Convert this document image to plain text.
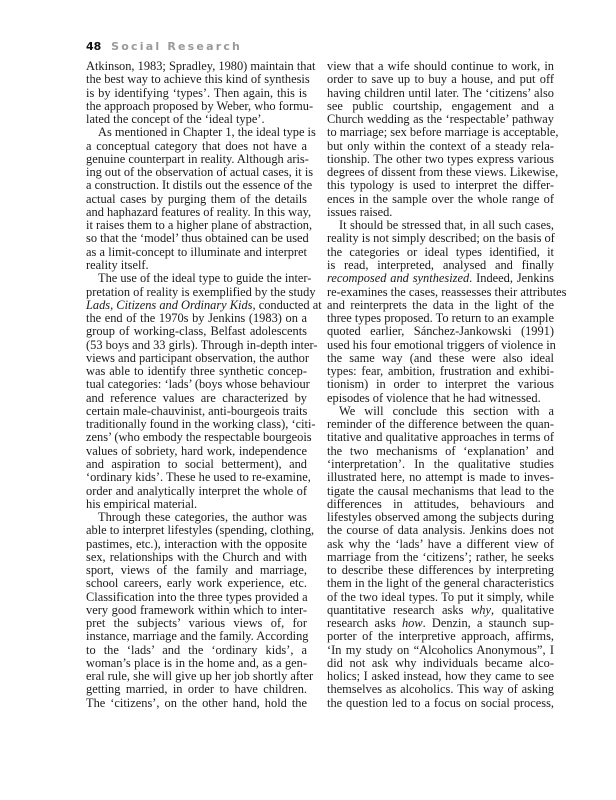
48 Social Research
Atkinson, 1983; Spradley, 1980) maintain that
the best way to achieve this kind of synthesis
is by identifying ‘types’. Then again, this is
the approach proposed by Weber, who formu-
lated the concept of the ‘ideal type’.
As mentioned in Chapter 1, the ideal type is
a conceptual category that does not have a
genuine counterpart in reality. Although aris-
ing out of the observation of actual cases, it is
a construction. It distils out the essence of the
actual cases by purging them of the details
and haphazard features of reality. In this way,
it raises them to a higher plane of abstraction,
so that the ‘model’ thus obtained can be used
as a limit-concept to illuminate and interpret
reality itself.
The use of the ideal type to guide the inter-
pretation of reality is exemplified by the study
Lads, Citizens and Ordinary Kids, conducted at
the end of the 1970s by Jenkins (1983) on a
group of working-class, Belfast adolescents
(53 boys and 33 girls). Through in-depth inter-
views and participant observation, the author
was able to identify three synthetic concep-
tual categories: ‘lads’ (boys whose behaviour
and reference values are characterized by
certain male-chauvinist, anti-bourgeois traits
traditionally found in the working class), ‘citi-
zens’ (who embody the respectable bourgeois
values of sobriety, hard work, independence
and aspiration to social betterment), and
‘ordinary kids’. These he used to re-examine,
order and analytically interpret the whole of
his empirical material.
Through these categories, the author was
able to interpret lifestyles (spending, clothing,
pastimes, etc.), interaction with the opposite
sex, relationships with the Church and with
sport, views of the family and marriage,
school careers, early work experience, etc.
Classification into the three types provided a
very good framework within which to inter-
pret the subjects’ various views of, for
instance, marriage and the family. According
to the ‘lads’ and the ‘ordinary kids’, a
woman’s place is in the home and, as a gen-
eral rule, she will give up her job shortly after
getting married, in order to have children.
The ‘citizens’, on the other hand, hold the
view that a wife should continue to work, in
order to save up to buy a house, and put off
having children until later. The ‘citizens’ also
see public courtship, engagement and a
Church wedding as the ‘respectable’ pathway
to marriage; sex before marriage is acceptable,
but only within the context of a steady rela-
tionship. The other two types express various
degrees of dissent from these views. Likewise,
this typology is used to interpret the differ-
ences in the sample over the whole range of
issues raised.
It should be stressed that, in all such cases,
reality is not simply described; on the basis of
the categories or ideal types identified, it
is read, interpreted, analysed and finally
recomposed and synthesized. Indeed, Jenkins
re-examines the cases, reassesses their attributes
and reinterprets the data in the light of the
three types proposed. To return to an example
quoted earlier, Sánchez-Jankowski (1991)
used his four emotional triggers of violence in
the same way (and these were also ideal
types: fear, ambition, frustration and exhibi-
tionism) in order to interpret the various
episodes of violence that he had witnessed.
We will conclude this section with a
reminder of the difference between the quan-
titative and qualitative approaches in terms of
the two mechanisms of ‘explanation’ and
‘interpretation’. In the qualitative studies
illustrated here, no attempt is made to inves-
tigate the causal mechanisms that lead to the
differences in attitudes, behaviours and
lifestyles observed among the subjects during
the course of data analysis. Jenkins does not
ask why the ‘lads’ have a different view of
marriage from the ‘citizens’; rather, he seeks
to describe these differences by interpreting
them in the light of the general characteristics
of the two ideal types. To put it simply, while
quantitative research asks why, qualitative
research asks how. Denzin, a staunch sup-
porter of the interpretive approach, affirms,
‘In my study on “Alcoholics Anonymous”, I
did not ask why individuals became alco-
holics; I asked instead, how they came to see
themselves as alcoholics. This way of asking
the question led to a focus on social process,
